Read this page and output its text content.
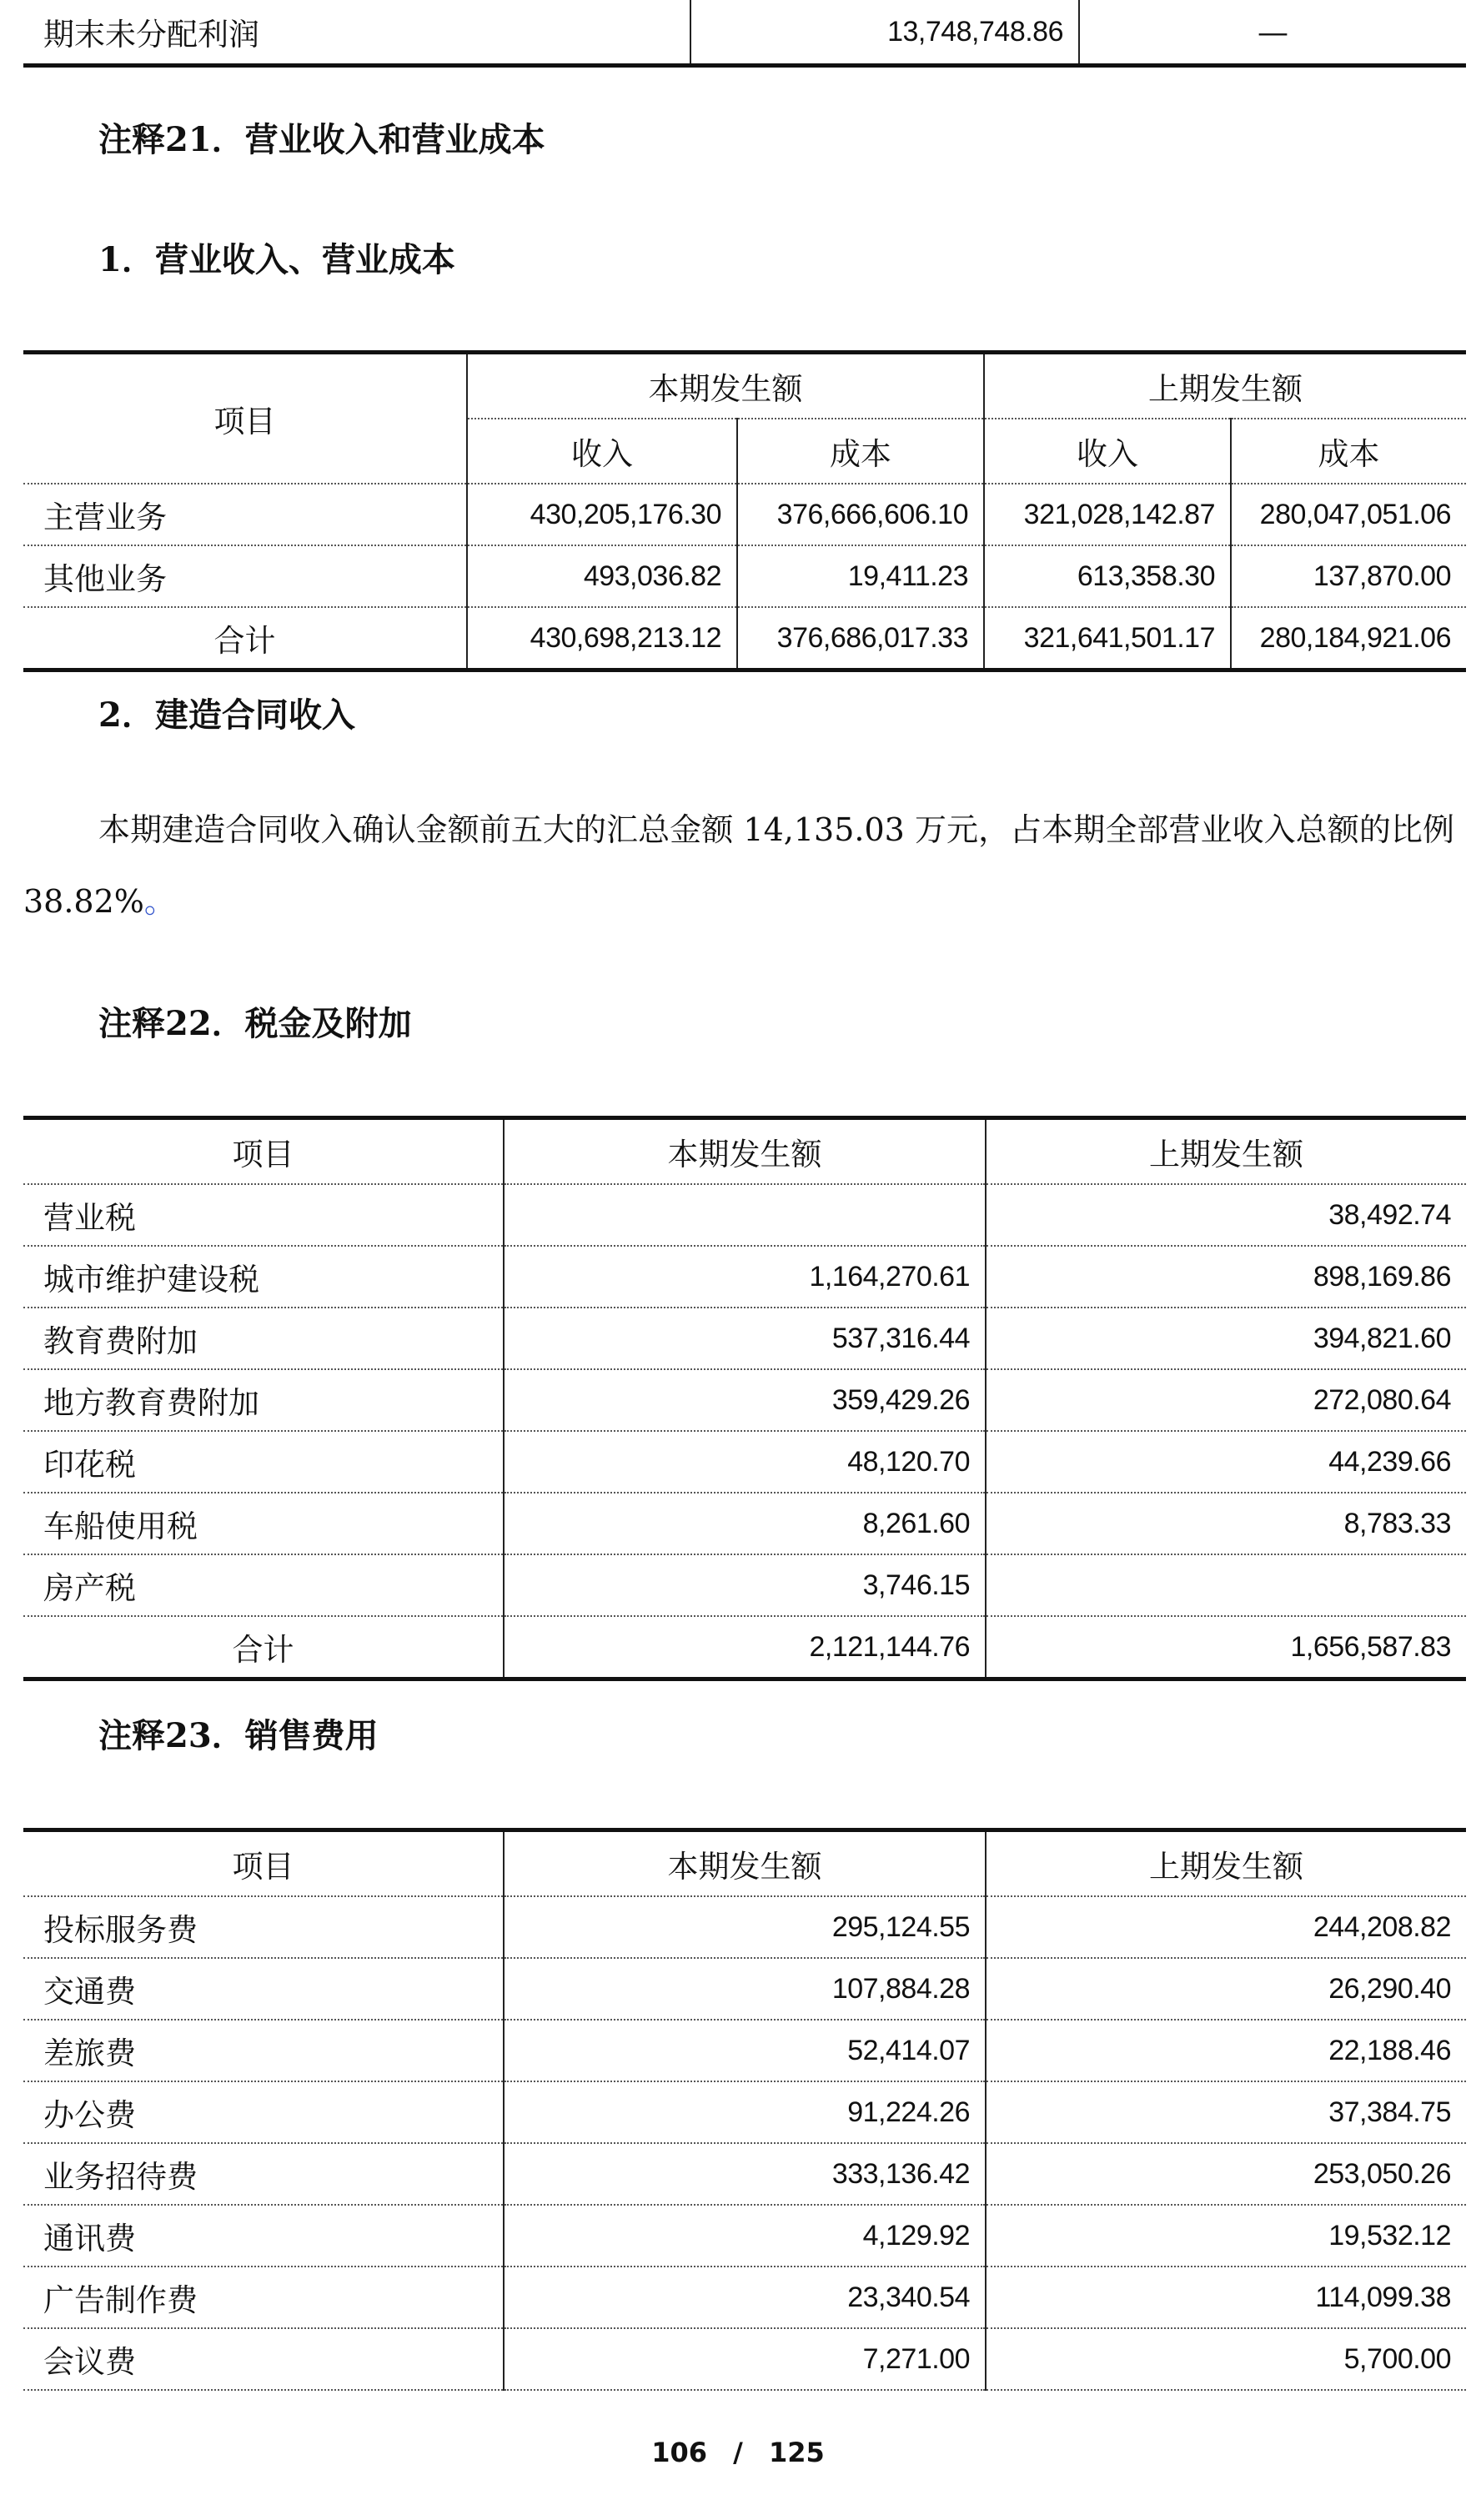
期末未分配利润	13,748,748.86	—
注释21．营业收入和营业成本
1．营业收入、营业成本
项目	本期发生额		上期发生额	
	收入	成本	收入	成本
主营业务	430,205,176.30	376,666,606.10	321,028,142.87	280,047,051.06
其他业务	493,036.82	19,411.23	613,358.30	137,870.00
合计	430,698,213.12	376,686,017.33	321,641,501.17	280,184,921.06
2．建造合同收入

本期建造合同收入确认金额前五大的汇总金额 14,135.03 万元，占本期全部营业收入总额的比例 38.82%。

注释22．税金及附加
项目	本期发生额	上期发生额
营业税		38,492.74
城市维护建设税	1,164,270.61	898,169.86
教育费附加	537,316.44	394,821.60
地方教育费附加	359,429.26	272,080.64
印花税	48,120.70	44,239.66
车船使用税	8,261.60	8,783.33
房产税	3,746.15	
合计	2,121,144.76	1,656,587.83
注释23．销售费用
项目	本期发生额	上期发生额
投标服务费	295,124.55	244,208.82
交通费	107,884.28	26,290.40
差旅费	52,414.07	22,188.46
办公费	91,224.26	37,384.75
业务招待费	333,136.42	253,050.26
通讯费	4,129.92	19,532.12
广告制作费	23,340.54	114,099.38
会议费	7,271.00	5,700.00
106 / 125
